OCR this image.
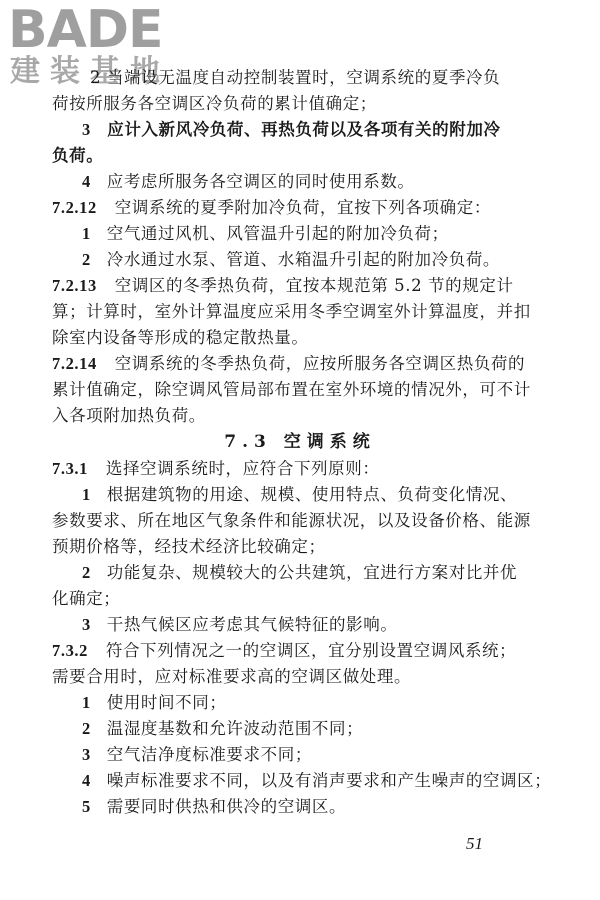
BADE
建装基地
2 当端设无温度自动控制装置时，空调系统的夏季冷负
荷按所服务各空调区冷负荷的累计值确定；
3 应计入新风冷负荷、再热负荷以及各项有关的附加冷
负荷。
4 应考虑所服务各空调区的同时使用系数。
7.2.12 空调系统的夏季附加冷负荷，宜按下列各项确定：
1 空气通过风机、风管温升引起的附加冷负荷；
2 冷水通过水泵、管道、水箱温升引起的附加冷负荷。
7.2.13 空调区的冬季热负荷，宜按本规范第 5.2 节的规定计
算；计算时，室外计算温度应采用冬季空调室外计算温度，并扣
除室内设备等形成的稳定散热量。
7.2.14 空调系统的冬季热负荷，应按所服务各空调区热负荷的
累计值确定，除空调风管局部布置在室外环境的情况外，可不计
入各项附加热负荷。
7.3 空调系统
7.3.1 选择空调系统时，应符合下列原则：
1 根据建筑物的用途、规模、使用特点、负荷变化情况、
参数要求、所在地区气象条件和能源状况，以及设备价格、能源
预期价格等，经技术经济比较确定；
2 功能复杂、规模较大的公共建筑，宜进行方案对比并优
化确定；
3 干热气候区应考虑其气候特征的影响。
7.3.2 符合下列情况之一的空调区，宜分别设置空调风系统；
需要合用时，应对标准要求高的空调区做处理。
1 使用时间不同；
2 温湿度基数和允许波动范围不同；
3 空气洁净度标准要求不同；
4 噪声标准要求不同，以及有消声要求和产生噪声的空调区；
5 需要同时供热和供冷的空调区。
51
